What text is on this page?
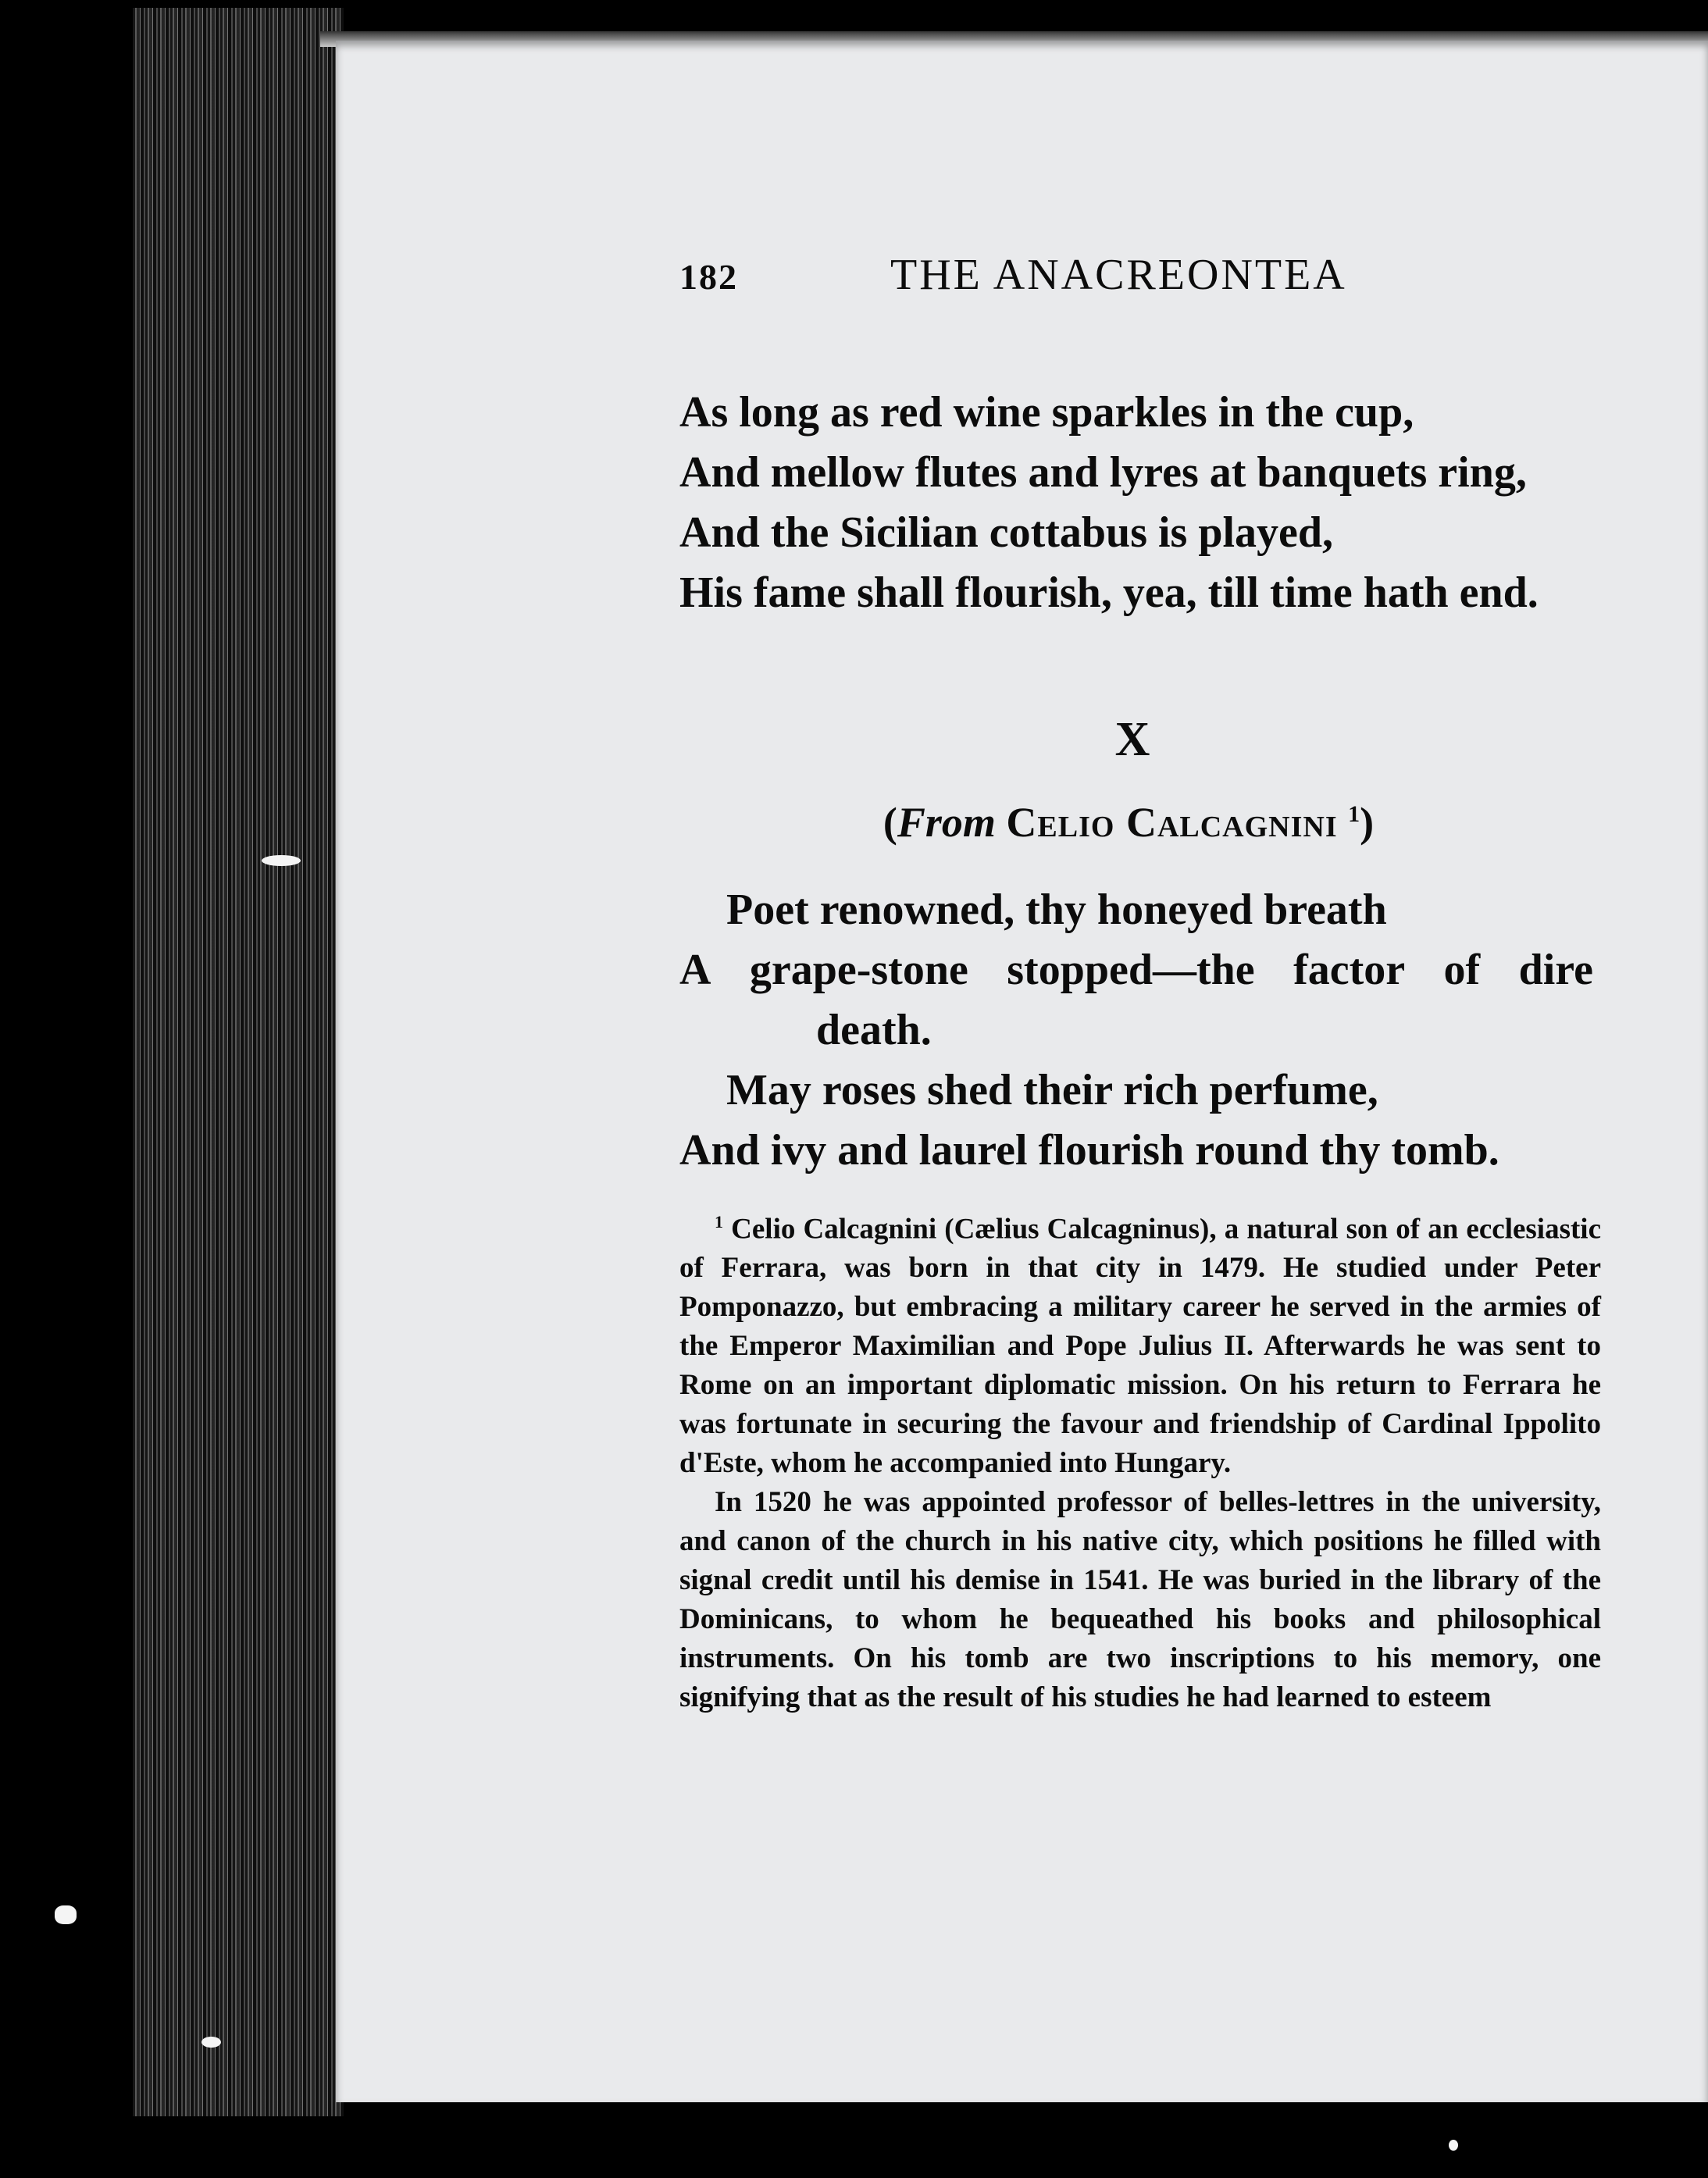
182	THE ANACREONTEA
As long as red wine sparkles in the cup,
And mellow flutes and lyres at banquets ring,
And the Sicilian cottabus is played,
His fame shall flourish, yea, till time hath end.
X
(From Celio Calcagnini $^1$)
Poet renowned, thy honeyed breath
A grape-stone stopped—the factor of dire
death.
May roses shed their rich perfume,
And ivy and laurel flourish round thy tomb.

$^1$ Celio Calcagnini (Cælius Calcagninus), a natural son of an ecclesiastic of Ferrara, was born in that city in 1479. He studied under Peter Pomponazzo, but embracing a military career he served in the armies of the Emperor Maximilian and Pope Julius II. Afterwards he was sent to Rome on an important diplomatic mission. On his return to Ferrara he was fortunate in securing the favour and friendship of Cardinal Ippolito d'Este, whom he accompanied into Hungary.

In 1520 he was appointed professor of belles-lettres in the university, and canon of the church in his native city, which positions he filled with signal credit until his demise in 1541. He was buried in the library of the Dominicans, to whom he bequeathed his books and philosophical instruments. On his tomb are two inscriptions to his memory, one signifying that as the result of his studies he had learned to esteem
